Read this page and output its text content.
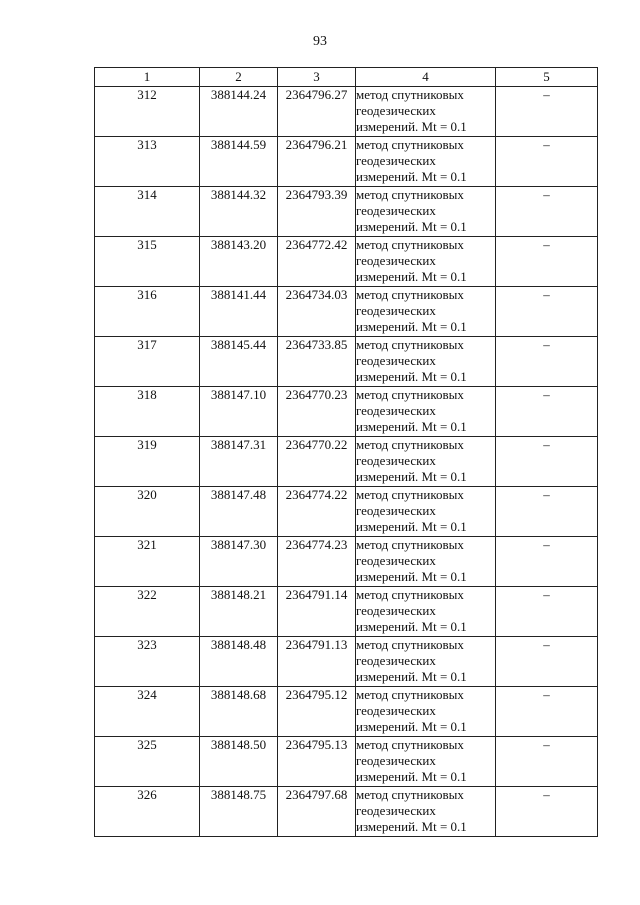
93
1	2	3	4	5
312	388144.24	2364796.27	метод спутниковых
геодезических
измерений. Mt = 0.1	–
313	388144.59	2364796.21	метод спутниковых
геодезических
измерений. Mt = 0.1	–
314	388144.32	2364793.39	метод спутниковых
геодезических
измерений. Mt = 0.1	–
315	388143.20	2364772.42	метод спутниковых
геодезических
измерений. Mt = 0.1	–
316	388141.44	2364734.03	метод спутниковых
геодезических
измерений. Mt = 0.1	–
317	388145.44	2364733.85	метод спутниковых
геодезических
измерений. Mt = 0.1	–
318	388147.10	2364770.23	метод спутниковых
геодезических
измерений. Mt = 0.1	–
319	388147.31	2364770.22	метод спутниковых
геодезических
измерений. Mt = 0.1	–
320	388147.48	2364774.22	метод спутниковых
геодезических
измерений. Mt = 0.1	–
321	388147.30	2364774.23	метод спутниковых
геодезических
измерений. Mt = 0.1	–
322	388148.21	2364791.14	метод спутниковых
геодезических
измерений. Mt = 0.1	–
323	388148.48	2364791.13	метод спутниковых
геодезических
измерений. Mt = 0.1	–
324	388148.68	2364795.12	метод спутниковых
геодезических
измерений. Mt = 0.1	–
325	388148.50	2364795.13	метод спутниковых
геодезических
измерений. Mt = 0.1	–
326	388148.75	2364797.68	метод спутниковых
геодезических
измерений. Mt = 0.1	–
